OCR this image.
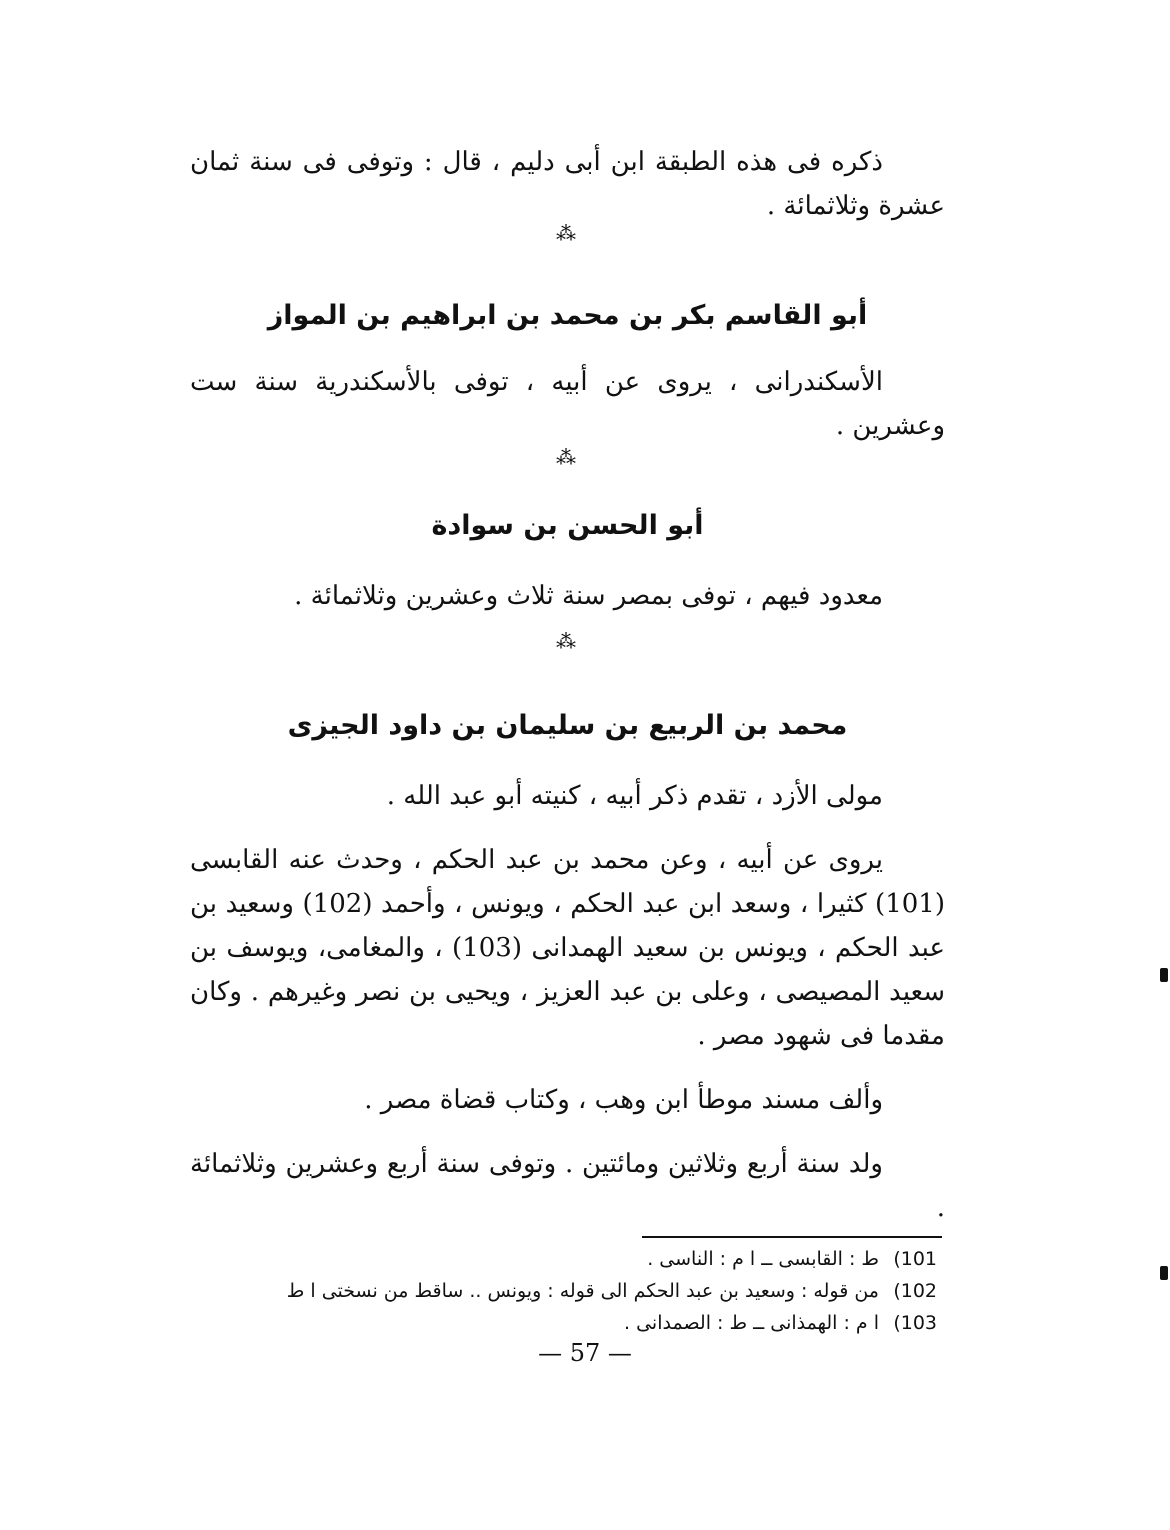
ذكره فى هذه الطبقة ابن أبى دليم ، قال : وتوفى فى سنة ثمان عشرة وثلاثمائة .
⁂
أبو القاسم بكر بن محمد بن ابراهيم بن المواز
الأسكندرانى ، يروى عن أبيه ، توفى بالأسكندرية سنة ست وعشرين .
⁂
أبو الحسن بن سوادة
معدود فيهم ، توفى بمصر سنة ثلاث وعشرين وثلاثمائة .
⁂
محمد بن الربيع بن سليمان بن داود الجيزى
مولى الأزد ، تقدم ذكر أبيه ، كنيته أبو عبد الله .
يروى عن أبيه ، وعن محمد بن عبد الحكم ، وحدث عنه القابسى (101) كثيرا ، وسعد ابن عبد الحكم ، ويونس ، وأحمد (102) وسعيد بن عبد الحكم ، ويونس بن سعيد الهمدانى (103) ، والمغامى، ويوسف بن سعيد المصيصى ، وعلى بن عبد العزيز ، ويحيى بن نصر وغيرهم . وكان مقدما فى شهود مصر .
وألف مسند موطأ ابن وهب ، وكتاب قضاة مصر .
ولد سنة أربع وثلاثين ومائتين . وتوفى سنة أربع وعشرين وثلاثمائة .
(101
ط : القابسى ــ ا م : الناسى .
(102
من قوله : وسعيد بن عبد الحكم الى قوله : ويونس .. ساقط من نسختى ا ط
(103
ا م : الهمذانى ــ ط : الصمدانى .
— 57 —
